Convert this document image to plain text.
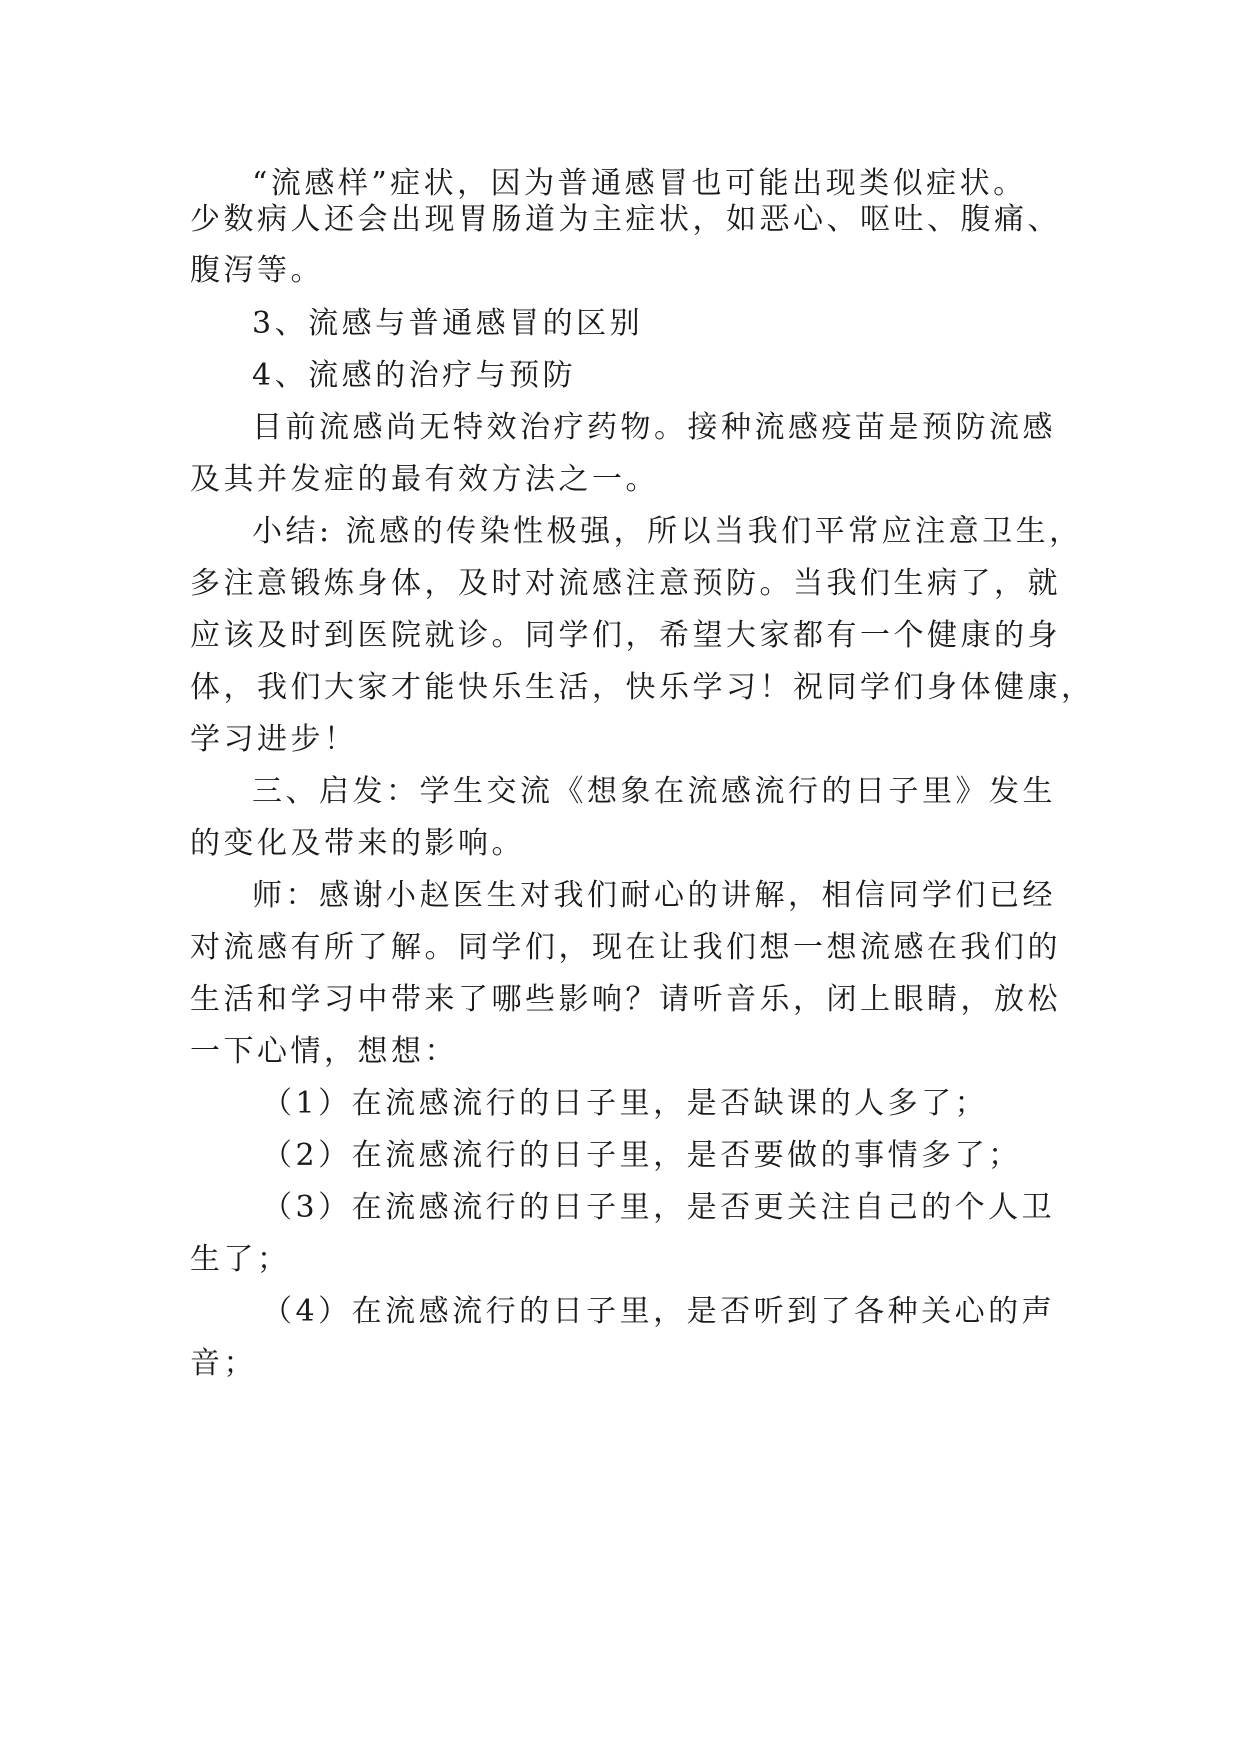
“流感样”症状，因为普通感冒也可能出现类似症状。
少数病人还会出现胃肠道为主症状，如恶心、呕吐、腹痛、
腹泻等。
3、流感与普通感冒的区别
4、流感的治疗与预防
目前流感尚无特效治疗药物。接种流感疫苗是预防流感
及其并发症的最有效方法之一。
小结: 流感的传染性极强，所以当我们平常应注意卫生，
多注意锻炼身体，及时对流感注意预防。当我们生病了，就
应该及时到医院就诊。同学们，希望大家都有一个健康的身
体，我们大家才能快乐生活，快乐学习！祝同学们身体健康，
学习进步！
三、启发：学生交流《想象在流感流行的日子里》发生
的变化及带来的影响。
师：感谢小赵医生对我们耐心的讲解，相信同学们已经
对流感有所了解。同学们，现在让我们想一想流感在我们的
生活和学习中带来了哪些影响？请听音乐，闭上眼睛，放松
一下心情，想想：
（1）在流感流行的日子里，是否缺课的人多了；
（2）在流感流行的日子里，是否要做的事情多了；
（3）在流感流行的日子里，是否更关注自己的个人卫
生了；
（4）在流感流行的日子里，是否听到了各种关心的声
音；
